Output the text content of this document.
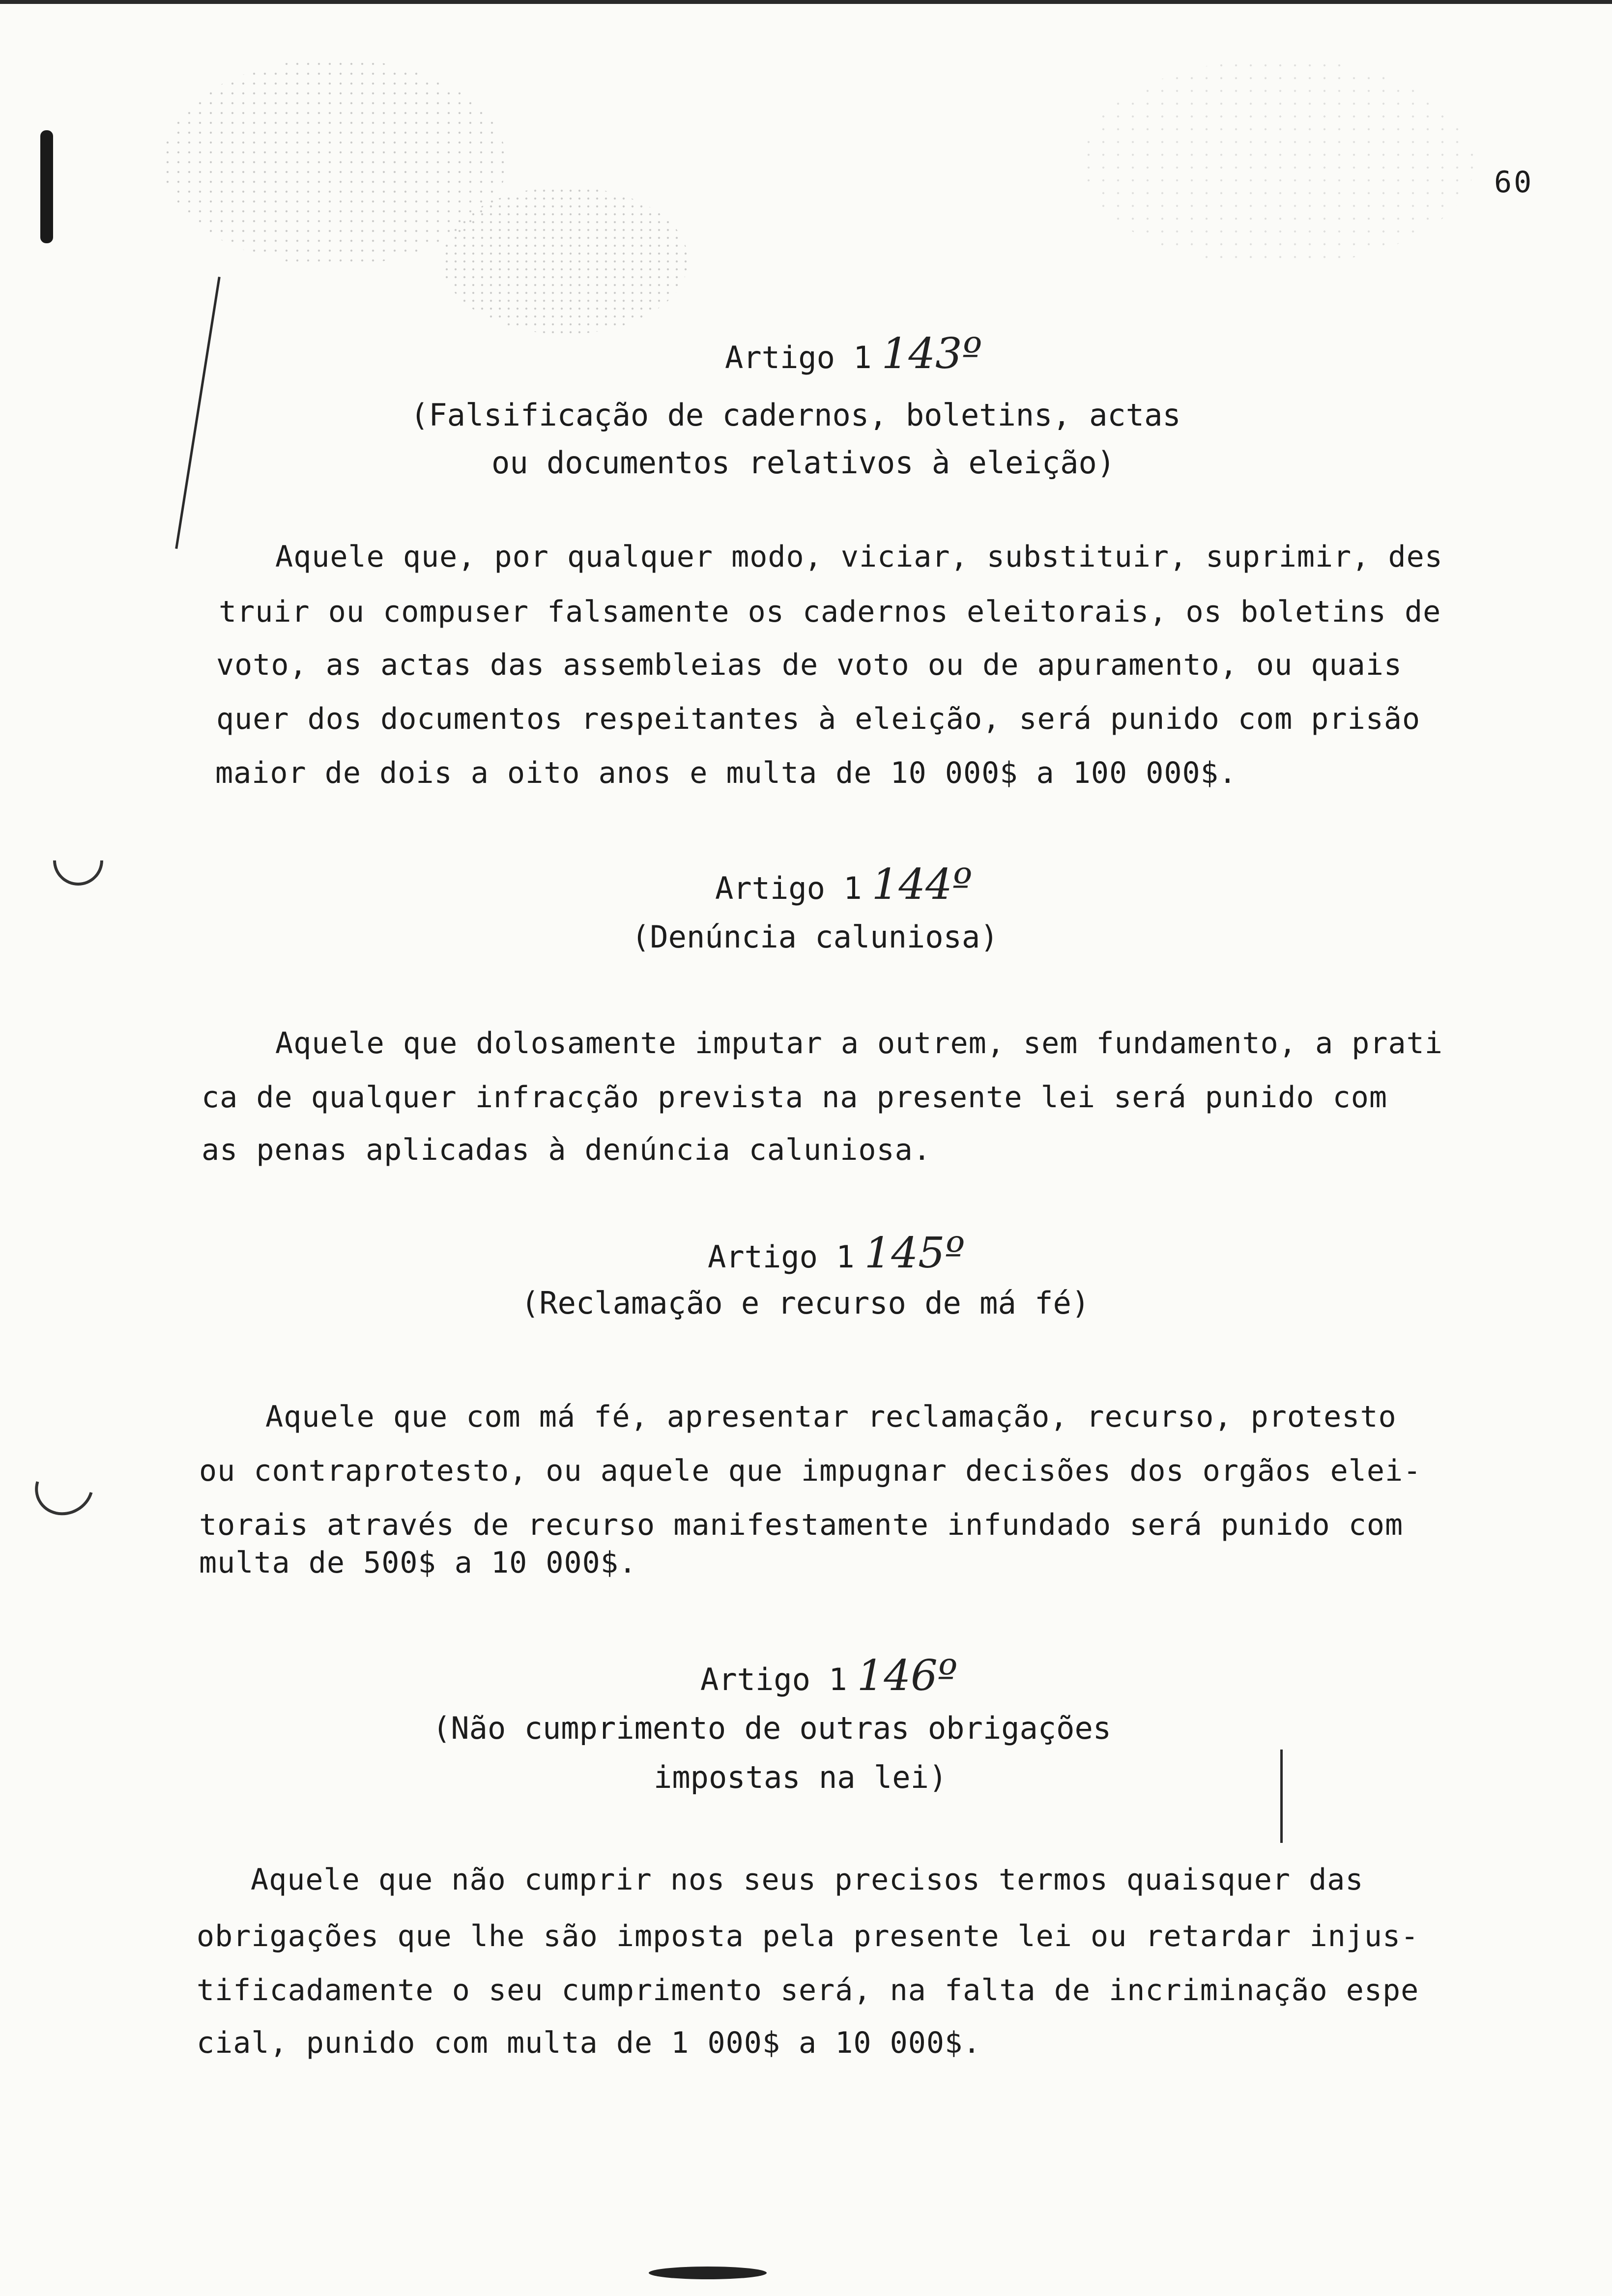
60
Artigo 1 143º
(Falsificação de cadernos, boletins, actas
ou documentos relativos à eleição)
Aquele que, por qualquer modo, viciar, substituir, suprimir, des
truir ou compuser falsamente os cadernos eleitorais, os boletins de
voto, as actas das assembleias de voto ou de apuramento, ou quais
quer dos documentos respeitantes à eleição, será punido com prisão
maior de dois a oito anos e multa de 10 000$ a 100 000$.
Artigo 1 144º
(Denúncia caluniosa)
Aquele que dolosamente imputar a outrem, sem fundamento, a prati
ca de qualquer infracção prevista na presente lei será punido com
as penas aplicadas à denúncia caluniosa.
Artigo 1 145º
(Reclamação e recurso de má fé)
Aquele que com má fé, apresentar reclamação, recurso, protesto
ou contraprotesto, ou aquele que impugnar decisões dos orgãos elei-
torais através de recurso manifestamente infundado será punido com
multa de 500$ a 10 000$.
Artigo 1 146º
(Não cumprimento de outras obrigações
impostas na lei)
Aquele que não cumprir nos seus precisos termos quaisquer das
obrigações que lhe são imposta pela presente lei ou retardar injus-
tificadamente o seu cumprimento será, na falta de incriminação espe
cial, punido com multa de 1 000$ a 10 000$.
